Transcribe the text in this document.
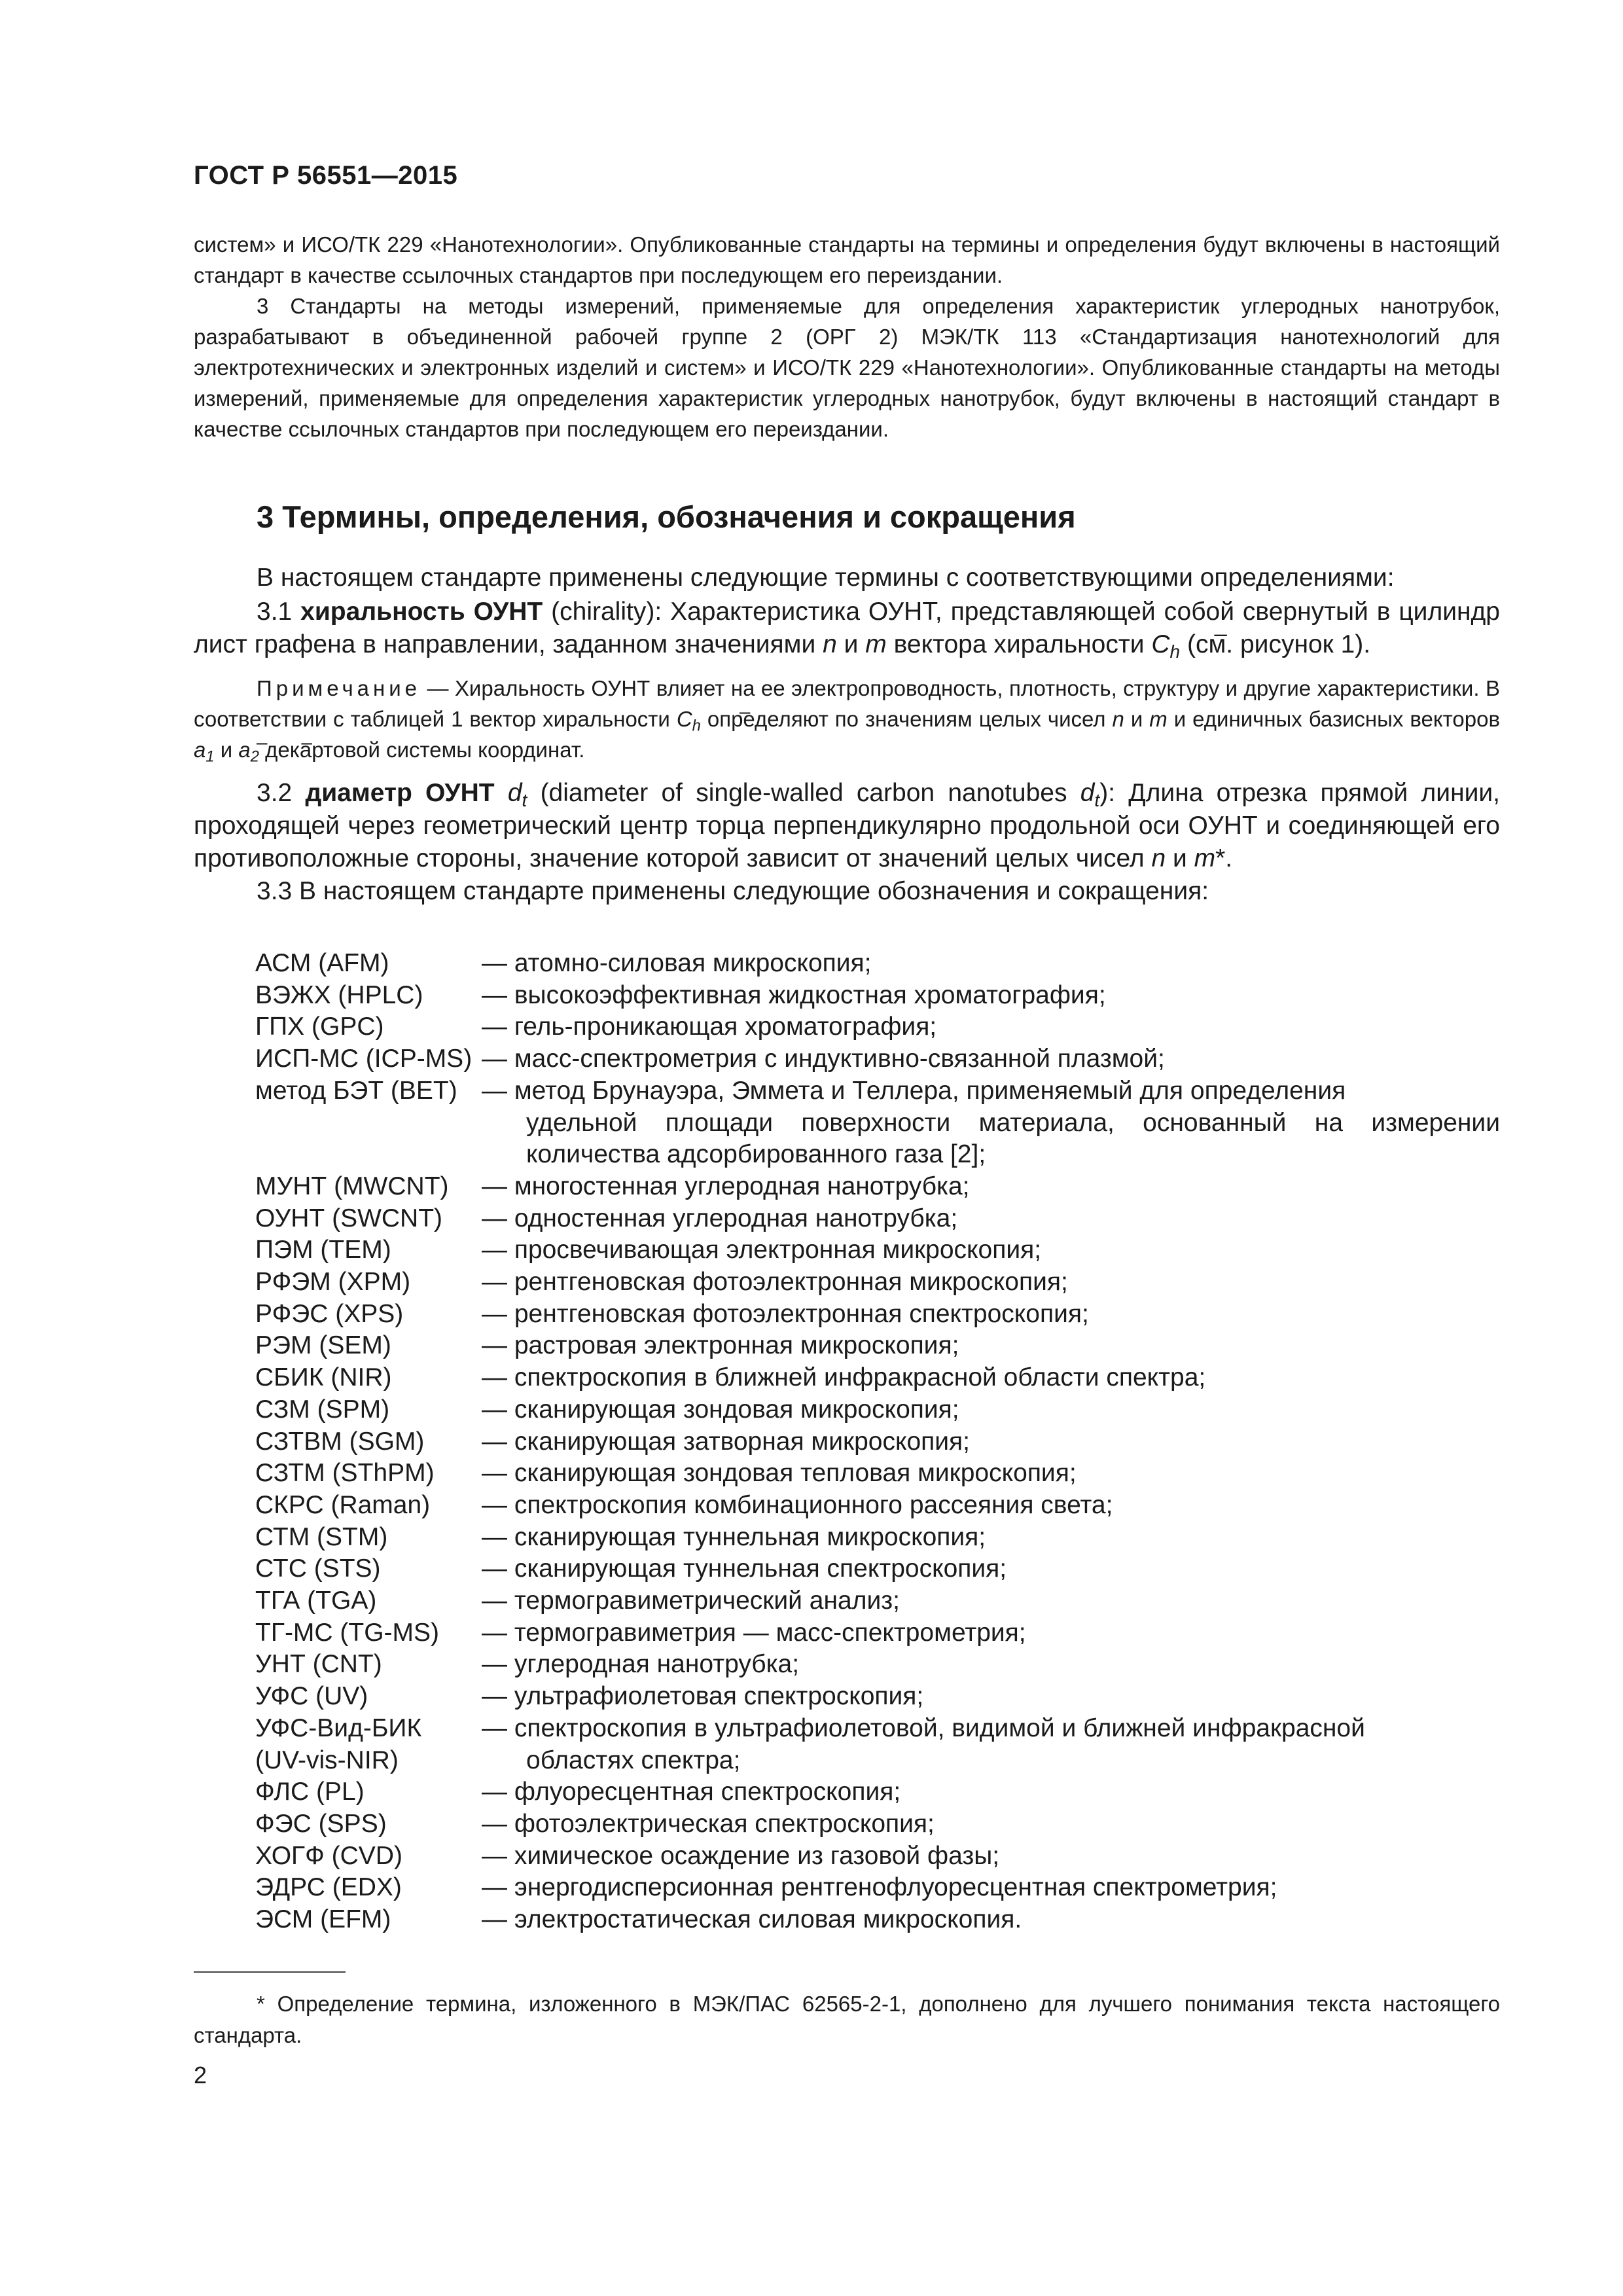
ГОСТ Р 56551—2015

систем» и ИСО/ТК 229 «Нанотехнологии». Опубликованные стандарты на термины и определения будут включены в настоящий стандарт в качестве ссылочных стандартов при последующем его переиздании.

3 Стандарты на методы измерений, применяемые для определения характеристик углеродных нанотрубок, разрабатывают в объединенной рабочей группе 2 (ОРГ 2) МЭК/ТК 113 «Стандартизация нанотехнологий для электротехнических и электронных изделий и систем» и ИСО/ТК 229 «Нанотехнологии». Опубликованные стандарты на методы измерений, применяемые для определения характеристик углеродных нанотрубок, будут включены в настоящий стандарт в качестве ссылочных стандартов при последующем его переиздании.

3 Термины, определения, обозначения и сокращения

В настоящем стандарте применены следующие термины с соответствующими определениями:

3.1 хиральность ОУНТ (chirality): Характеристика ОУНТ, представляющей собой свернутый в цилиндр лист графена в направлении, заданном значениями n и m вектора хиральности – $C_h$ (см. рисунок 1).

Примечание — Хиральность ОУНТ влияет на ее электропроводность, плотность, структуру и другие характеристики. В соответствии с таблицей 1 вектор хиральности – $C_h$ определяют по значениям целых чисел n и m и единичных базисных векторов – $a_1$ и – $a_2$ декартовой системы координат.

3.2 диаметр ОУНТ $d_t$ (diameter of single-walled carbon nanotubes $d_t$): Длина отрезка прямой линии, проходящей через геометрический центр торца перпендикулярно продольной оси ОУНТ и соединяющей его противоположные стороны, значение которой зависит от значений целых чисел n и m*.

3.3 В настоящем стандарте применены следующие обозначения и сокращения:

АСМ (AFM)	— атомно-силовая микроскопия;
ВЭЖХ (HPLC)	— высокоэффективная жидкостная хроматография;
ГПХ (GPC)	— гель-проникающая хроматография;
ИСП-МС (ICP-MS) — масс-спектрометрия с индуктивно-связанной плазмой;
метод БЭТ (ВЕТ) — метод Брунауэра, Эммета и Теллера, применяемый для определения
удельной площади поверхности материала, основанный на измерении
количества адсорбированного газа [2];
МУНТ (MWCNT)	— многостенная углеродная нанотрубка;
ОУНТ (SWCNT)	— одностенная углеродная нанотрубка;
ПЭМ (TEM)	— просвечивающая электронная микроскопия;
РФЭМ (XPM)	— рентгеновская фотоэлектронная микроскопия;
РФЭС (XPS)	— рентгеновская фотоэлектронная спектроскопия;
РЭМ (SEM)	— растровая электронная микроскопия;
СБИК (NIR)	— спектроскопия в ближней инфракрасной области спектра;
СЗМ (SPM)	— сканирующая зондовая микроскопия;
СЗТВМ (SGM)	— сканирующая затворная микроскопия;
СЗТМ (SThPM)	— сканирующая зондовая тепловая микроскопия;
СКРС (Raman)	— спектроскопия комбинационного рассеяния света;
СТМ (STM)	— сканирующая туннельная микроскопия;
СТС (STS)	— сканирующая туннельная спектроскопия;
ТГА (TGA)	— термогравиметрический анализ;
ТГ-МС (TG-MS)	— термогравиметрия — масс-спектрометрия;
УНТ (CNT)	— углеродная нанотрубка;
УФС (UV)	— ультрафиолетовая спектроскопия;
УФС-Вид-БИК	— спектроскопия в ультрафиолетовой, видимой и ближней инфракрасной
(UV-vis-NIR)	областях спектра;
ФЛС (PL)	— флуоресцентная спектроскопия;
ФЭС (SPS)	— фотоэлектрическая спектроскопия;
ХОГФ (CVD)	— химическое осаждение из газовой фазы;
ЭДРС (EDX)	— энергодисперсионная рентгенофлуоресцентная спектрометрия;
ЭСМ (EFM)	— электростатическая силовая микроскопия.

* Определение термина, изложенного в МЭК/ПАС 62565-2-1, дополнено для лучшего понимания текста настоящего стандарта.

2
